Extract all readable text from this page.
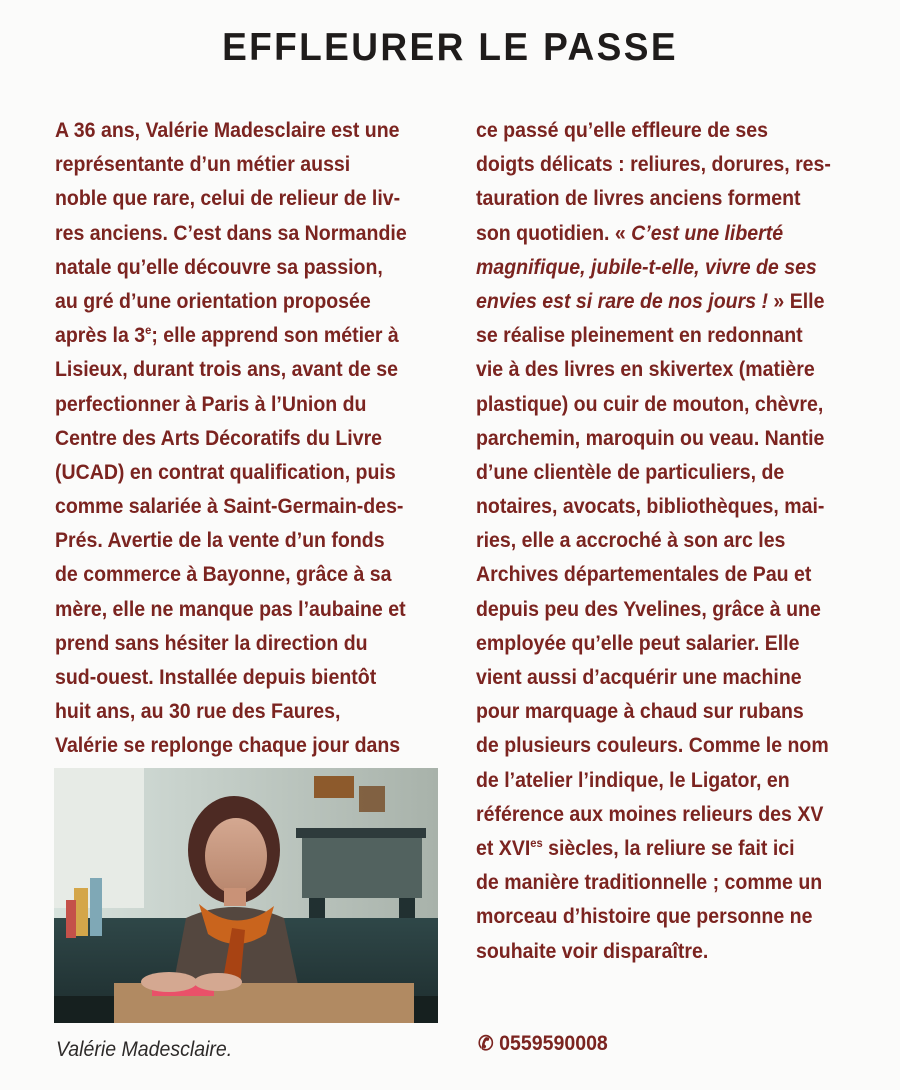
EFFLEURER LE PASSE
A 36 ans, Valérie Madesclaire est une
représentante d’un métier aussi
noble que rare, celui de relieur de liv-
res anciens. C’est dans sa Normandie
natale qu’elle découvre sa passion,
au gré d’une orientation proposée
après la 3e; elle apprend son métier à
Lisieux, durant trois ans, avant de se
perfectionner à Paris à l’Union du
Centre des Arts Décoratifs du Livre
(UCAD) en contrat qualification, puis
comme salariée à Saint-Germain-des-
Prés. Avertie de la vente d’un fonds
de commerce à Bayonne, grâce à sa
mère, elle ne manque pas l’aubaine et
prend sans hésiter la direction du
sud-ouest. Installée depuis bientôt
huit ans, au 30 rue des Faures,
Valérie se replonge chaque jour dans
ce passé qu’elle effleure de ses
doigts délicats : reliures, dorures, res-
tauration de livres anciens forment
son quotidien. « C’est une liberté
magnifique, jubile-t-elle, vivre de ses
envies est si rare de nos jours ! » Elle
se réalise pleinement en redonnant
vie à des livres en skivertex (matière
plastique) ou cuir de mouton, chèvre,
parchemin, maroquin ou veau. Nantie
d’une clientèle de particuliers, de
notaires, avocats, bibliothèques, mai-
ries, elle a accroché à son arc les
Archives départementales de Pau et
depuis peu des Yvelines, grâce à une
employée qu’elle peut salarier. Elle
vient aussi d’acquérir une machine
pour marquage à chaud sur rubans
de plusieurs couleurs. Comme le nom
de l’atelier l’indique, le Ligator, en
référence aux moines relieurs des XV
et $XVI^{es}$ siècles, la reliure se fait ici
de manière traditionnelle ; comme un
morceau d’histoire que personne ne
souhaite voir disparaître.
Valérie Madesclaire.	✆ 0559590008
